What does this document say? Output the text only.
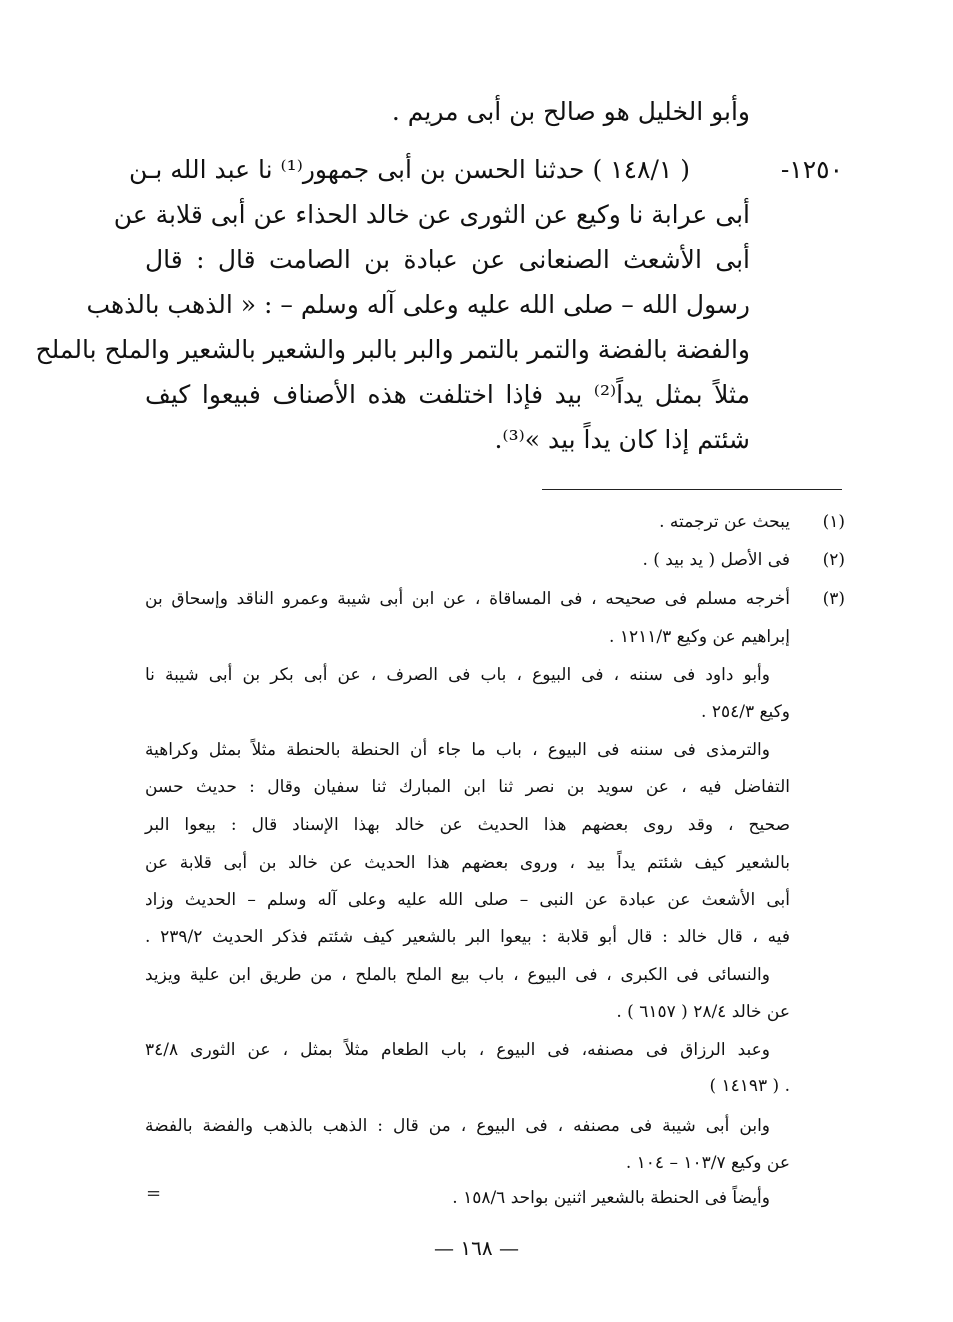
وأبو الخليل هو صالح بن أبى مريم .
١٢٥٠-
( ١٤٨/١ ) حدثنا الحسن بن أبى جمهور⁽¹⁾ نا عبد الله بـن
أبى عرابة نا وكيع عن الثورى عن خالد الحذاء عن أبى قلابة عن
أبى الأشعث الصنعانى عن عبادة بن الصامت قال : قال
رسول الله – صلى الله عليه وعلى آله وسلم – : « الذهب بالذهب
والفضة بالفضة والتمر بالتمر والبر بالبر والشعير بالشعير والملح بالملح
مثلاً بمثل يداً⁽²⁾ بيد فإذا اختلفت هذه الأصناف فبيعوا كيف
شئتم إذا كان يداً بيد »⁽³⁾.
(١)
يبحث عن ترجمته .
(٢)
فى الأصل ( يد بيد ) .
(٣)
أخرجه مسلم فى صحيحه ، فى المساقاة ، عن ابن أبى شيبة وعمرو الناقد وإسحاق بن
إبراهيم عن وكيع ١٢١١/٣ .
وأبو داود فى سننه ، فى البيوع ، باب فى الصرف ، عن أبى بكر بن أبى شيبة نا
وكيع ٢٥٤/٣ .
والترمذى فى سننه فى البيوع ، باب ما جاء أن الحنطة بالحنطة مثلاً بمثل وكراهية
التفاضل فيه ، عن سويد بن نصر ثنا ابن المبارك ثنا سفيان وقال : حديث حسن
صحيح ، وقد روى بعضهم هذا الحديث عن خالد بهذا الإسناد قال : بيعوا البر
بالشعير كيف شئتم يداً بيد ، وروى بعضهم هذا الحديث عن خالد بن أبى قلابة عن
أبى الأشعث عن عبادة عن النبى – صلى الله عليه وعلى آله وسلم – الحديث وزاد
فيه ، قال خالد : قال أبو قلابة : بيعوا البر بالشعير كيف شئتم فذكر الحديث ٢٣٩/٢ .
والنسائى فى الكبرى ، فى البيوع ، باب بيع الملح بالملح ، من طريق ابن علية ويزيد
عن خالد ٢٨/٤ ( ٦١٥٧ ) .
وعبد الرزاق فى مصنفه، فى البيوع ، باب الطعام مثلاً بمثل ، عن الثورى ٣٤/٨
. ( ١٤١٩٣ )
وابن أبى شيبة فى مصنفه ، فى البيوع ، من قال : الذهب بالذهب والفضة بالفضة
عن وكيع ١٠٣/٧ – ١٠٤ .
وأيضاً فى الحنطة بالشعير اثنين بواحد ١٥٨/٦ .
=
— ١٦٨ —
